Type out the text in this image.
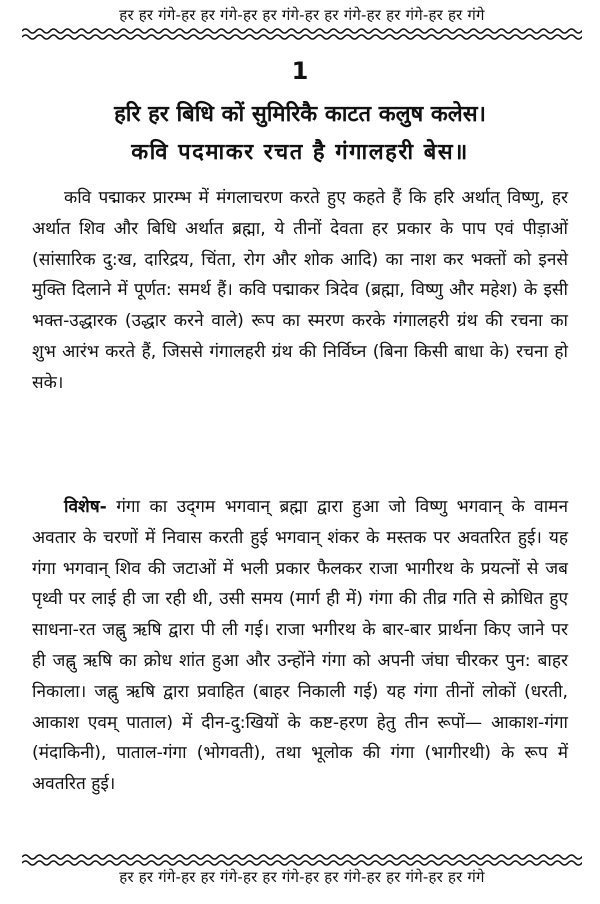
हर हर गंगे-हर हर गंगे-हर हर गंगे-हर हर गंगे-हर हर गंगे-हर हर गंगे
1
हरि हर बिधि कों सुमिरिकै काटत कलुष कलेस।
कवि पदमाकर रचत है गंगालहरी बेस॥

कवि पद्माकर प्रारम्भ में मंगलाचरण करते हुए कहते हैं कि हरि अर्थात् विष्णु, हर अर्थात शिव और बिधि अर्थात ब्रह्मा, ये तीनों देवता हर प्रकार के पाप एवं पीड़ाओं (सांसारिक दु:ख, दारिद्रय, चिंता, रोग और शोक आदि) का नाश कर भक्तों को इनसे मुक्ति दिलाने में पूर्णत: समर्थ हैं। कवि पद्माकर त्रिदेव (ब्रह्मा, विष्णु और महेश) के इसी भक्त-उद्धारक (उद्धार करने वाले) रूप का स्मरण करके गंगालहरी ग्रंथ की रचना का शुभ आरंभ करते हैं, जिससे गंगालहरी ग्रंथ की निर्विघ्न (बिना किसी बाधा के) रचना हो सके।

विशेष- गंगा का उद्‌गम भगवान् ब्रह्मा द्वारा हुआ जो विष्णु भगवान् के वामन अवतार के चरणों में निवास करती हुई भगवान् शंकर के मस्तक पर अवतरित हुई। यह गंगा भगवान् शिव की जटाओं में भली प्रकार फैलकर राजा भागीरथ के प्रयत्नों से जब पृथ्वी पर लाई ही जा रही थी, उसी समय (मार्ग ही में) गंगा की तीव्र गति से क्रोधित हुए साधना-रत जह्नु ऋषि द्वारा पी ली गई। राजा भगीरथ के बार-बार प्रार्थना किए जाने पर ही जह्नु ऋषि का क्रोध शांत हुआ और उन्होंने गंगा को अपनी जंघा चीरकर पुन: बाहर निकाला। जह्नु ऋषि द्वारा प्रवाहित (बाहर निकाली गई) यह गंगा तीनों लोकों (धरती, आकाश एवम् पाताल) में दीन-दु:खियों के कष्ट-हरण हेतु तीन रूपों— आकाश-गंगा (मंदाकिनी), पाताल-गंगा (भोगवती), तथा भूलोक की गंगा (भागीरथी) के रूप में अवतरित हुई।

हर हर गंगे-हर हर गंगे-हर हर गंगे-हर हर गंगे-हर हर गंगे-हर हर गंगे
